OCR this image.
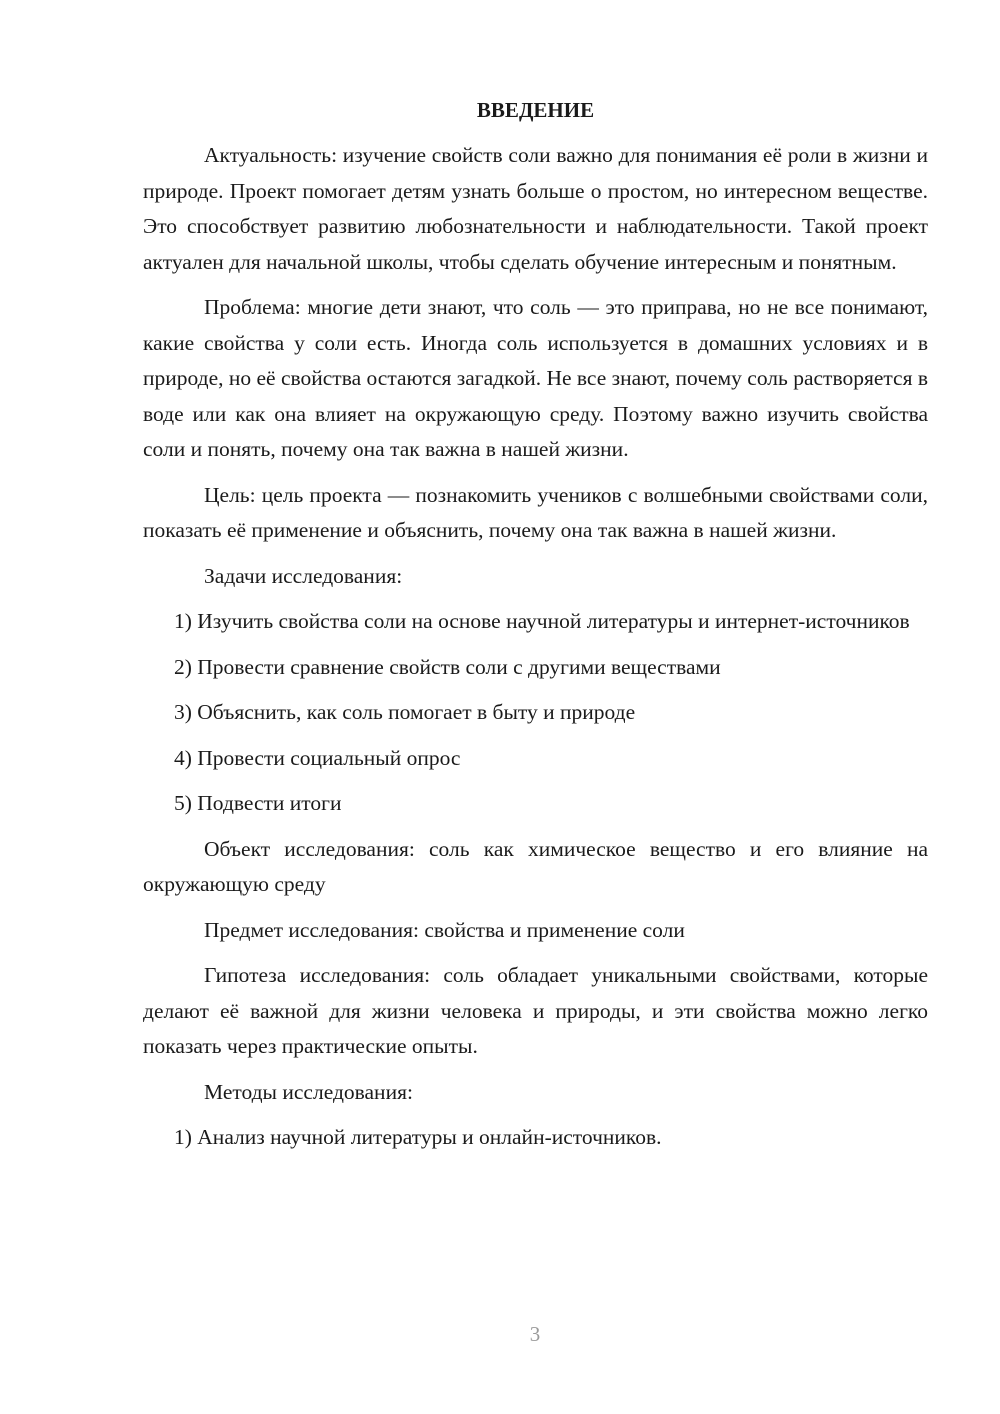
ВВЕДЕНИЕ

Актуальность: изучение свойств соли важно для понимания её роли в жизни и природе. Проект помогает детям узнать больше о простом, но интересном веществе. Это способствует развитию любознательности и наблюдательности. Такой проект актуален для начальной школы, чтобы сделать обучение интересным и понятным.

Проблема: многие дети знают, что соль — это приправа, но не все понимают, какие свойства у соли есть. Иногда соль используется в домашних условиях и в природе, но её свойства остаются загадкой. Не все знают, почему соль растворяется в воде или как она влияет на окружающую среду. Поэтому важно изучить свойства соли и понять, почему она так важна в нашей жизни.

Цель: цель проекта — познакомить учеников с волшебными свойствами соли, показать её применение и объяснить, почему она так важна в нашей жизни.

Задачи исследования:

1) Изучить свойства соли на основе научной литературы и интернет-источников

2) Провести сравнение свойств соли с другими веществами

3) Объяснить, как соль помогает в быту и природе

4) Провести социальный опрос

5) Подвести итоги

Объект исследования: соль как химическое вещество и его влияние на окружающую среду

Предмет исследования: свойства и применение соли

Гипотеза исследования: соль обладает уникальными свойствами, которые делают её важной для жизни человека и природы, и эти свойства можно легко показать через практические опыты.

Методы исследования:

1) Анализ научной литературы и онлайн-источников.

3
